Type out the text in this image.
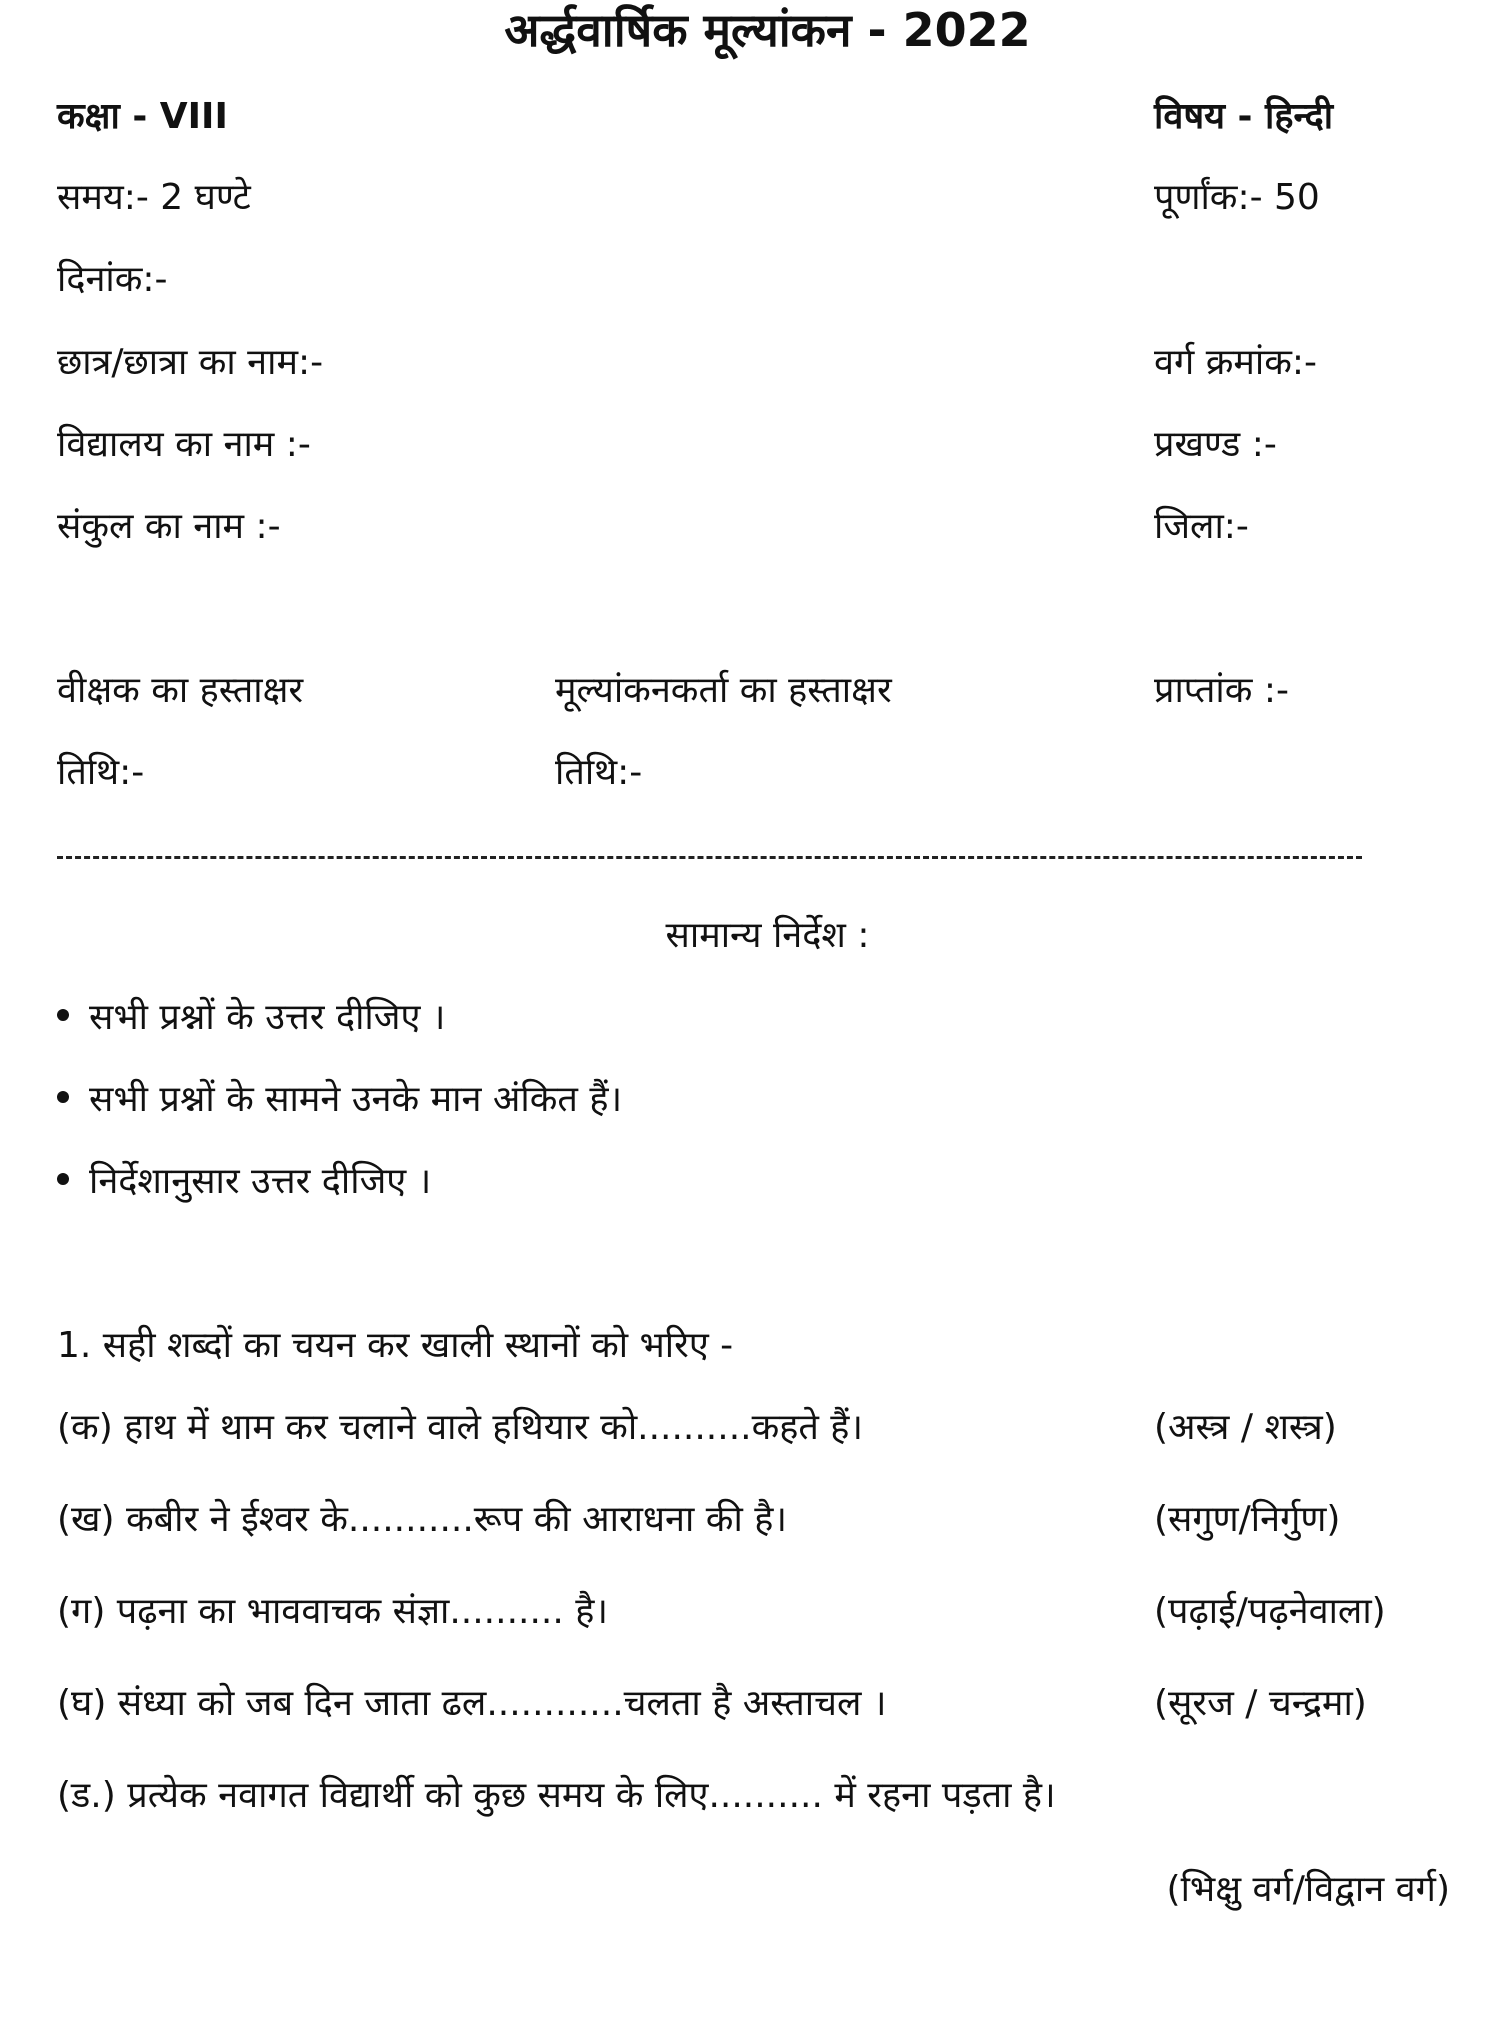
अर्द्धवार्षिक मूल्यांकन - 2022
कक्षा - VIII	विषय - हिन्दी
समय:- 2 घण्टे	पूर्णांक:- 50
दिनांक:-
छात्र/छात्रा का नाम:-	वर्ग क्रमांक:-
विद्यालय का नाम :-	प्रखण्ड :-
संकुल का नाम :-	जिला:-
वीक्षक का हस्ताक्षर	मूल्यांकनकर्ता का हस्ताक्षर	प्राप्तांक :-
तिथि:-	तिथि:-
सामान्य निर्देश :
सभी प्रश्नों के उत्तर दीजिए ।
सभी प्रश्नों के सामने उनके मान अंकित हैं।
निर्देशानुसार उत्तर दीजिए ।
1. सही शब्दों का चयन कर खाली स्थानों को भरिए -
(क) हाथ में थाम कर चलाने वाले हथियार को..........कहते हैं।	(अस्त्र / शस्त्र)
(ख) कबीर ने ईश्वर के...........रूप की आराधना की है।	(सगुण/निर्गुण)
(ग) पढ़ना का भाववाचक संज्ञा.......... है।	(पढ़ाई/पढ़नेवाला)
(घ) संध्या को जब दिन जाता ढल............चलता है अस्ताचल ।	(सूरज / चन्द्रमा)
(ड.) प्रत्येक नवागत विद्यार्थी को कुछ समय के लिए.......... में रहना पड़ता है।
(भिक्षु वर्ग/विद्वान वर्ग)
